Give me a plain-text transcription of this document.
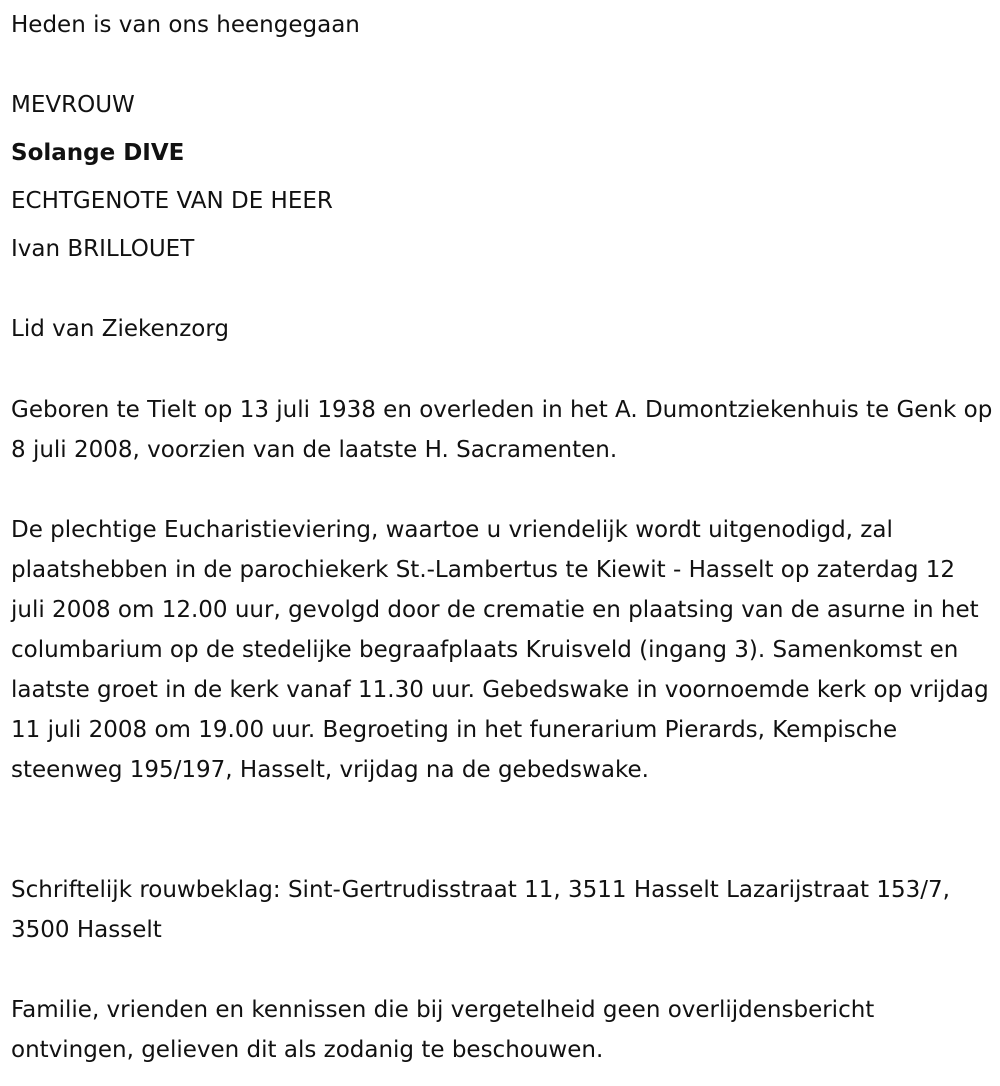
Heden is van ons heengegaan
MEVROUW
Solange DIVE
ECHTGENOTE VAN DE HEER
Ivan BRILLOUET
Lid van Ziekenzorg
Geboren te Tielt op 13 juli 1938 en overleden in het A. Dumontziekenhuis te Genk op 8 juli 2008, voorzien van de laatste H. Sacramenten.
De plechtige Eucharistieviering, waartoe u vriendelijk wordt uitgenodigd, zal plaatshebben in de parochiekerk St.-Lambertus te Kiewit - Hasselt op zaterdag 12 juli 2008 om 12.00 uur, gevolgd door de crematie en plaatsing van de asurne in het columbarium op de stedelijke begraafplaats Kruisveld (ingang 3). Samenkomst en laatste groet in de kerk vanaf 11.30 uur. Gebedswake in voornoemde kerk op vrijdag 11 juli 2008 om 19.00 uur. Begroeting in het funerarium Pierards, Kempische steenweg 195/197, Hasselt, vrijdag na de gebedswake.
Schriftelijk rouwbeklag: Sint-Gertrudisstraat 11, 3511 Hasselt Lazarijstraat 153/7, 3500 Hasselt
Familie, vrienden en kennissen die bij vergetelheid geen overlijdensbericht ontvingen, gelieven dit als zodanig te beschouwen.
